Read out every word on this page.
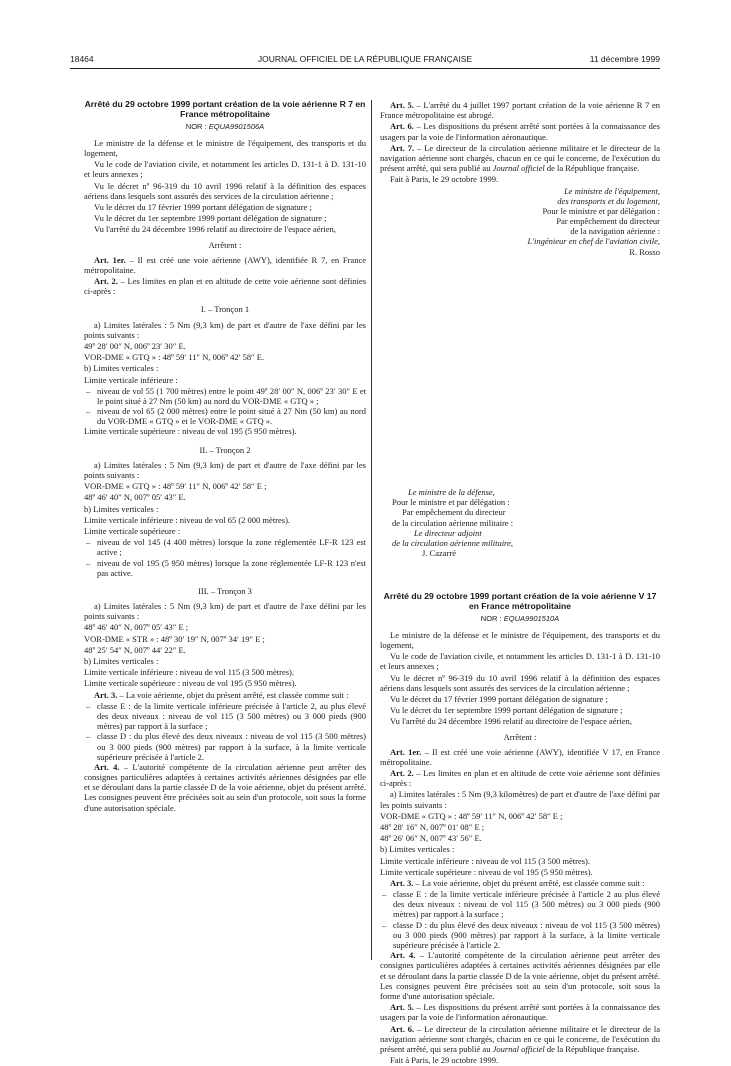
18464	JOURNAL OFFICIEL DE LA RÉPUBLIQUE FRANÇAISE	11 décembre 1999
Arrêté du 29 octobre 1999 portant création de la voie aérienne R 7 en France métropolitaine
NOR : EQUA9901506A

Le ministre de la défense et le ministre de l'équipement, des transports et du logement,

Vu le code de l'aviation civile, et notamment les articles D. 131-1 à D. 131-10 et leurs annexes ;

Vu le décret nº 96-319 du 10 avril 1996 relatif à la définition des espaces aériens dans lesquels sont assurés des services de la circulation aérienne ;

Vu le décret du 17 février 1999 portant délégation de signature ;

Vu le décret du 1er septembre 1999 portant délégation de signature ;

Vu l'arrêté du 24 décembre 1996 relatif au directoire de l'espace aérien,

Arrêtent :

Art. 1er. – Il est créé une voie aérienne (AWY), identifiée R 7, en France métropolitaine.

Art. 2. – Les limites en plan et en altitude de cette voie aérienne sont définies ci-après :

I. – Tronçon 1

a) Limites latérales : 5 Nm (9,3 km) de part et d'autre de l'axe défini par les points suivants :

49º 28′ 00″ N, 006º 23′ 30″ E.

VOR-DME « GTQ » : 48º 59′ 11″ N, 006º 42′ 58″ E.

b) Limites verticales :

Limite verticale inférieure :

– niveau de vol 55 (1 700 mètres) entre le point 49º 28′ 00″ N, 006º 23′ 30″ E et le point situé à 27 Nm (50 km) au nord du VOR-DME « GTQ » ;
– niveau de vol 65 (2 000 mètres) entre le point situé à 27 Nm (50 km) au nord du VOR-DME « GTQ » et le VOR-DME « GTQ ».

Limite verticale supérieure : niveau de vol 195 (5 950 mètres).

II. – Tronçon 2

a) Limites latérales : 5 Nm (9,3 km) de part et d'autre de l'axe défini par les points suivants :

VOR-DME « GTQ » : 48º 59′ 11″ N, 006º 42′ 58″ E ;

48º 46′ 40″ N, 007º 05′ 43″ E.

b) Limites verticales :

Limite verticale inférieure : niveau de vol 65 (2 000 mètres).

Limite verticale supérieure :

– niveau de vol 145 (4 400 mètres) lorsque la zone réglementée LF-R 123 est active ;
– niveau de vol 195 (5 950 mètres) lorsque la zone réglementée LF-R 123 n'est pas active.
III. – Tronçon 3

a) Limites latérales : 5 Nm (9,3 km) de part et d'autre de l'axe défini par les points suivants :

48º 46′ 40″ N, 007º 05′ 43″ E ;

VOR-DME « STR » : 48º 30′ 19″ N, 007º 34′ 19″ E ;

48º 25′ 54″ N, 007º 44′ 22″ E.

b) Limites verticales :

Limite verticale inférieure : niveau de vol 115 (3 500 mètres).

Limite verticale supérieure : niveau de vol 195 (5 950 mètres).

Art. 3. – La voie aérienne, objet du présent arrêté, est classée comme suit :

– classe E : de la limite verticale inférieure précisée à l'article 2, au plus élevé des deux niveaux : niveau de vol 115 (3 500 mètres) ou 3 000 pieds (900 mètres) par rapport à la surface ;
– classe D : du plus élevé des deux niveaux : niveau de vol 115 (3 500 mètres) ou 3 000 pieds (900 mètres) par rapport à la surface, à la limite verticale supérieure précisée à l'article 2.

Art. 4. – L'autorité compétente de la circulation aérienne peut arrêter des consignes particulières adaptées à certaines activités aériennes désignées par elle et se déroulant dans la partie classée D de la voie aérienne, objet du présent arrêté. Les consignes peuvent être précisées soit au sein d'un protocole, soit sous la forme d'une autorisation spéciale.

Art. 5. – L'arrêté du 4 juillet 1997 portant création de la voie aérienne R 7 en France métropolitaine est abrogé.

Art. 6. – Les dispositions du présent arrêté sont portées à la connaissance des usagers par la voie de l'information aéronautique.

Art. 7. – Le directeur de la circulation aérienne militaire et le directeur de la navigation aérienne sont chargés, chacun en ce qui le concerne, de l'exécution du présent arrêté, qui sera publié au Journal officiel de la République française.

Fait à Paris, le 29 octobre 1999.

Le ministre de l'équipement,
des transports et du logement,
Pour le ministre et par délégation :
Par empêchement du directeur
de la navigation aérienne :
L'ingénieur en chef de l'aviation civile,
R. Rosso
Le ministre de la défense,
Pour le ministre et par délégation :
Par empêchement du directeur
de la circulation aérienne militaire :
Le directeur adjoint
de la circulation aérienne militaire,
J. Cazarré
Arrêté du 29 octobre 1999 portant création de la voie aérienne V 17 en France métropolitaine
NOR : EQUA9901510A

Le ministre de la défense et le ministre de l'équipement, des transports et du logement,

Vu le code de l'aviation civile, et notamment les articles D. 131-1 à D. 131-10 et leurs annexes ;

Vu le décret nº 96-319 du 10 avril 1996 relatif à la définition des espaces aériens dans lesquels sont assurés des services de la circulation aérienne ;

Vu le décret du 17 février 1999 portant délégation de signature ;

Vu le décret du 1er septembre 1999 portant délégation de signature ;

Vu l'arrêté du 24 décembre 1996 relatif au directoire de l'espace aérien,

Arrêtent :

Art. 1er. – Il est créé une voie aérienne (AWY), identifiée V 17, en France métropolitaine.

Art. 2. – Les limites en plan et en altitude de cette voie aérienne sont définies ci-après :

a) Limites latérales : 5 Nm (9,3 kilomètres) de part et d'autre de l'axe défini par les points suivants :

VOR-DME « GTQ » : 48º 59′ 11″ N, 006º 42′ 58″ E ;

48º 28′ 16″ N, 007º 01′ 08″ E ;

48º 26′ 06″ N, 007º 43′ 56″ E.

b) Limites verticales :

Limite verticale inférieure : niveau de vol 115 (3 500 mètres).

Limite verticale supérieure : niveau de vol 195 (5 950 mètres).

Art. 3. – La voie aérienne, objet du présent arrêté, est classée comme suit :

– classe E : de la limite verticale inférieure précisée à l'article 2 au plus élevé des deux niveaux : niveau de vol 115 (3 500 mètres) ou 3 000 pieds (900 mètres) par rapport à la surface ;
– classe D : du plus élevé des deux niveaux : niveau de vol 115 (3 500 mètres) ou 3 000 pieds (900 mètres) par rapport à la surface, à la limite verticale supérieure précisée à l'article 2.

Art. 4. – L'autorité compétente de la circulation aérienne peut arrêter des consignes particulières adaptées à certaines activités aériennes désignées par elle et se déroulant dans la partie classée D de la voie aérienne, objet du présent arrêté. Les consignes peuvent être précisées soit au sein d'un protocole, soit sous la forme d'une autorisation spéciale.

Art. 5. – Les dispositions du présent arrêté sont portées à la connaissance des usagers par la voie de l'information aéronautique.

Art. 6. – Le directeur de la circulation aérienne militaire et le directeur de la navigation aérienne sont chargés, chacun en ce qui le concerne, de l'exécution du présent arrêté, qui sera publié au Journal officiel de la République française.

Fait à Paris, le 29 octobre 1999.
